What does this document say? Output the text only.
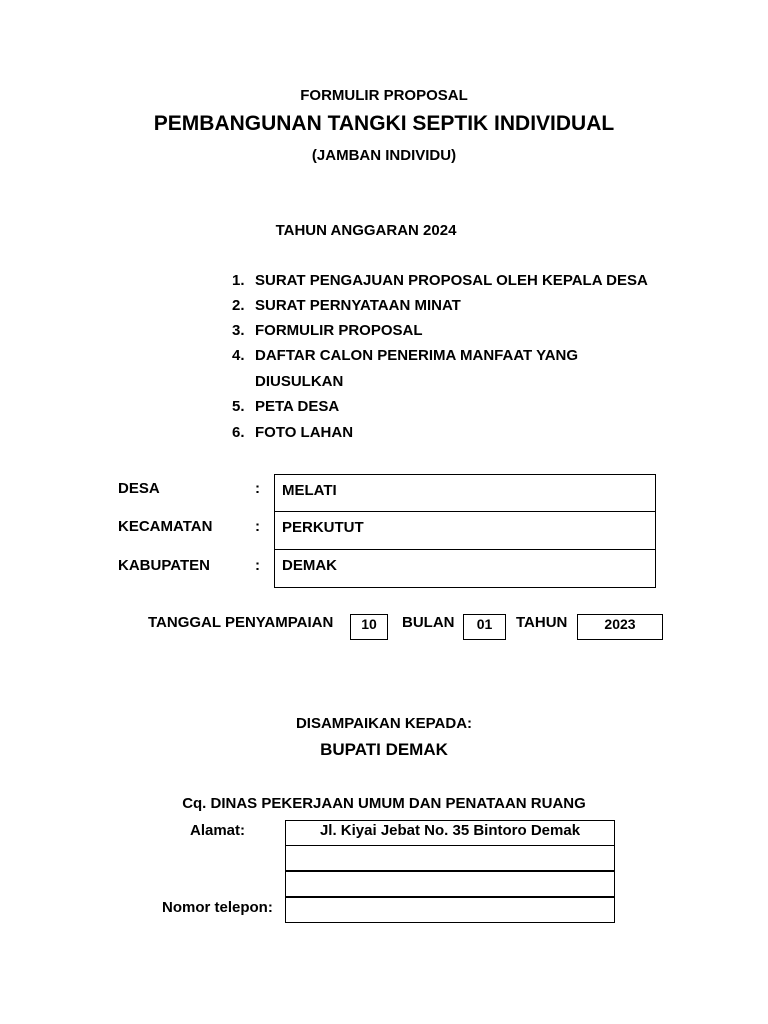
FORMULIR PROPOSAL
PEMBANGUNAN TANGKI SEPTIK INDIVIDUAL
(JAMBAN INDIVIDU)
TAHUN ANGGARAN 2024
1. SURAT PENGAJUAN PROPOSAL OLEH KEPALA DESA
2. SURAT PERNYATAAN MINAT
3. FORMULIR PROPOSAL
4. DAFTAR CALON PENERIMA MANFAAT YANG
DIUSULKAN
5. PETA DESA
6. FOTO LAHAN
DESA	:	MELATI
KECAMATAN	:	PERKUTUT
KABUPATEN	:	DEMAK
TANGGAL PENYAMPAIAN	10	BULAN	01	TAHUN	2023
DISAMPAIKAN KEPADA:
BUPATI DEMAK
Cq. DINAS PEKERJAAN UMUM DAN PENATAAN RUANG
Alamat:	Jl. Kiyai Jebat No. 35 Bintoro Demak
Nomor telepon:
